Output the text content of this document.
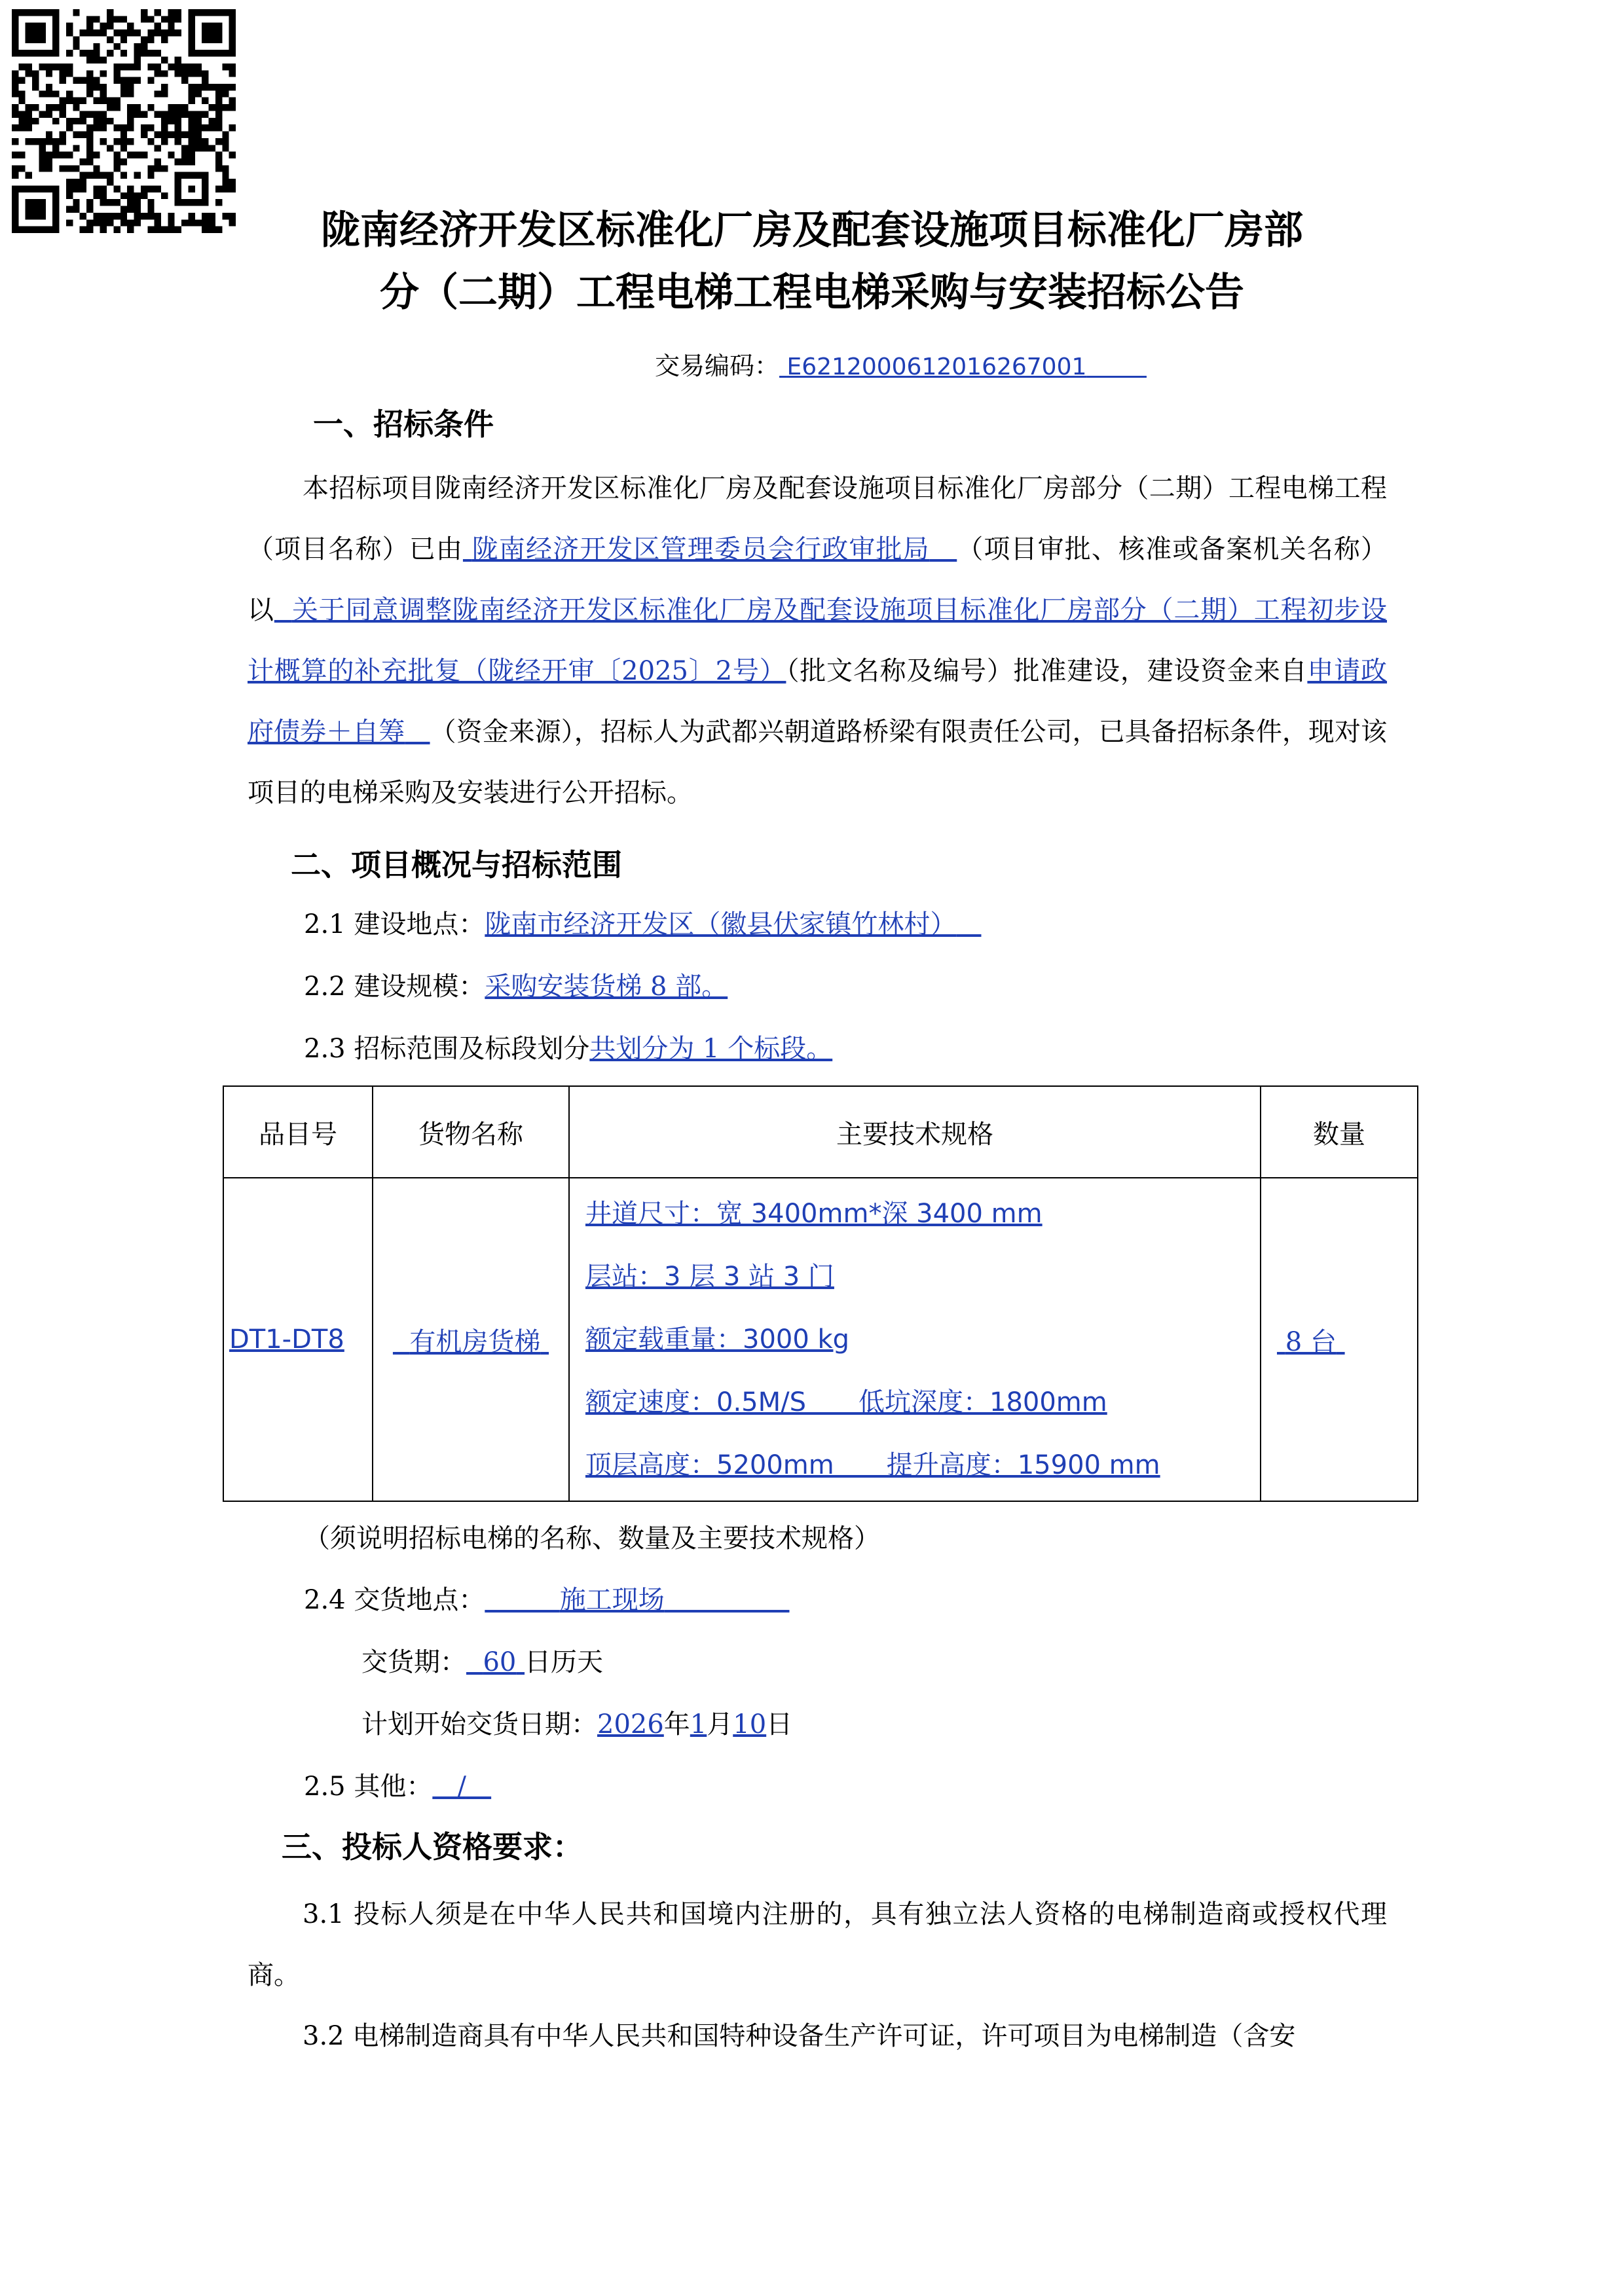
陇南经济开发区标准化厂房及配套设施项目标准化厂房部
分（二期）工程电梯工程电梯采购与安装招标公告
交易编码： E6212000612016267001
一、招标条件
本招标项目陇南经济开发区标准化厂房及配套设施项目标准化厂房部分（二期）工程电梯工程（项目名称）已由 陇南经济开发区管理委员会行政审批局 （项目审批、核准或备案机关名称）以 关于同意调整陇南经济开发区标准化厂房及配套设施项目标准化厂房部分（二期）工程初步设计概算的补充批复（陇经开审〔2025〕2号）（批文名称及编号）批准建设，建设资金来自申请政府债券＋自筹 （资金来源），招标人为武都兴朝道路桥梁有限责任公司，已具备招标条件，现对该项目的电梯采购及安装进行公开招标。
二、项目概况与招标范围
2.1 建设地点：陇南市经济开发区（徽县伏家镇竹林村）
2.2 建设规模：采购安装货梯 8 部。
2.3 招标范围及标段划分共划分为 1 个标段。
品目号	货物名称	主要技术规格	数量
DT1-DT8	有机房货梯	井道尺寸：宽 3400mm*深 3400 mm
层站：3 层 3 站 3 门
额定载重量：3000 kg
额定速度：0.5M/S　　低坑深度：1800mm
顶层高度：5200mm　　提升高度：15900 mm	8 台
（须说明招标电梯的名称、数量及主要技术规格）
2.4 交货地点：	施工现场
交货期： 60 日历天
计划开始交货日期：2026年1月10日
2.5 其他： /
三、投标人资格要求：
3.1 投标人须是在中华人民共和国境内注册的，具有独立法人资格的电梯制造商或授权代理商。
3.2 电梯制造商具有中华人民共和国特种设备生产许可证，许可项目为电梯制造（含安
